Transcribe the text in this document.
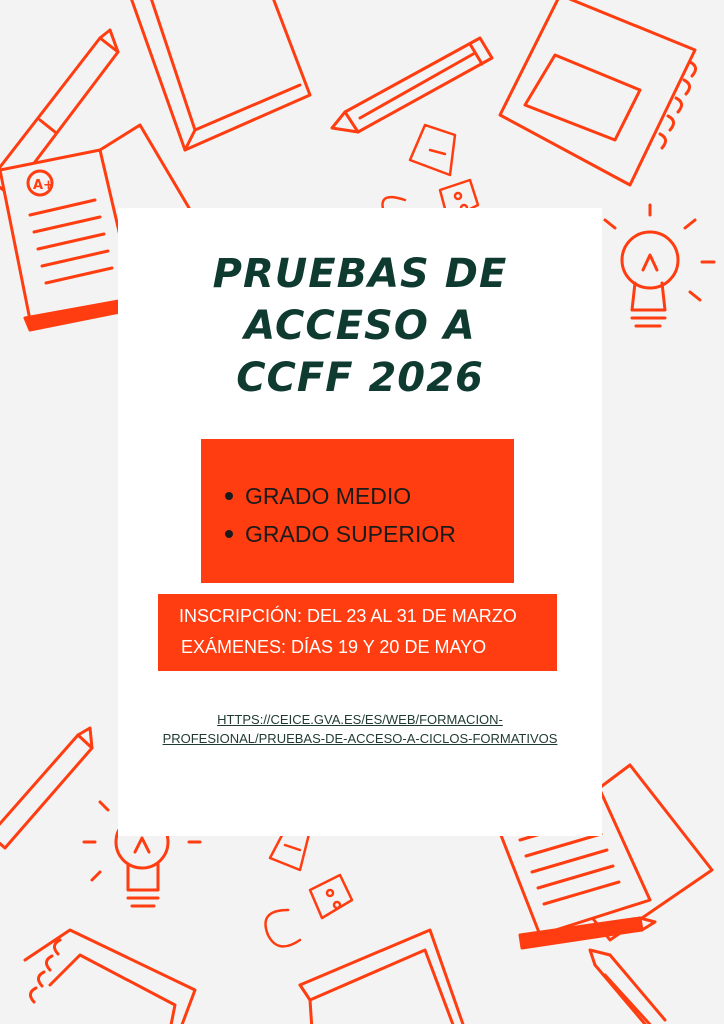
A+
PRUEBAS DE
ACCESO A
CCFF 2026
GRADO MEDIO
GRADO SUPERIOR
INSCRIPCIÓN: DEL 23 AL 31 DE MARZO
EXÁMENES: DÍAS 19 Y 20 DE MAYO
HTTPS://CEICE.GVA.ES/ES/WEB/FORMACION-
PROFESIONAL/PRUEBAS-DE-ACCESO-A-CICLOS-FORMATIVOS
